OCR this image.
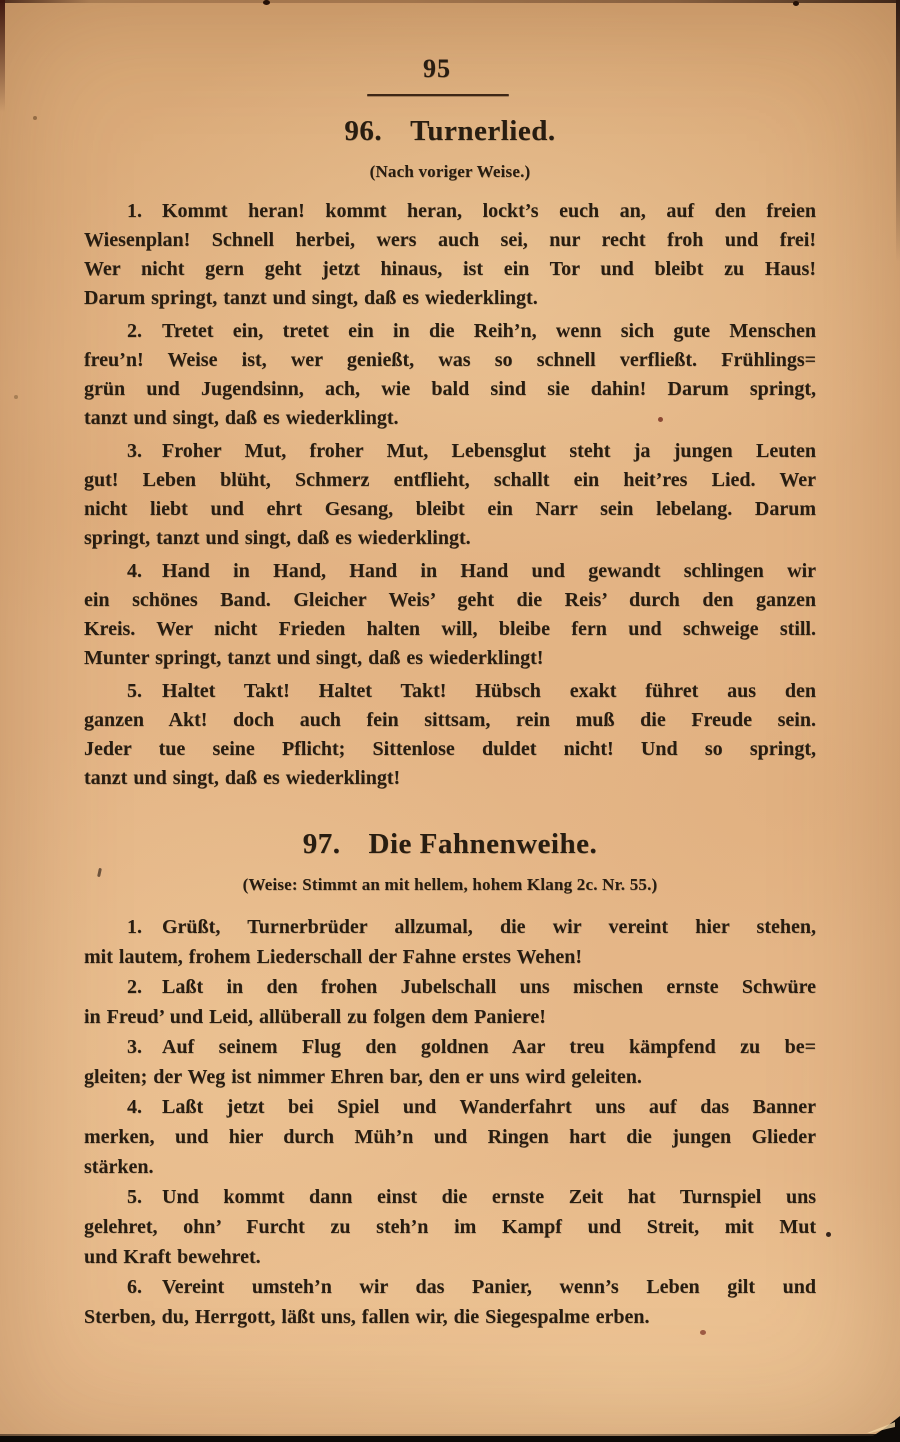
95
96. Turnerlied.
(Nach voriger Weise.)
1. Kommt heran! kommt heran, lockt’s euch an, auf den freien
Wiesenplan! Schnell herbei, wers auch sei, nur recht froh und frei!
Wer nicht gern geht jetzt hinaus, ist ein Tor und bleibt zu Haus!
Darum springt, tanzt und singt, daß es wiederklingt.
2. Tretet ein, tretet ein in die Reih’n, wenn sich gute Menschen
freu’n! Weise ist, wer genießt, was so schnell verfließt. Frühlings=
grün und Jugendsinn, ach, wie bald sind sie dahin! Darum springt,
tanzt und singt, daß es wiederklingt.
3. Froher Mut, froher Mut, Lebensglut steht ja jungen Leuten
gut! Leben blüht, Schmerz entflieht, schallt ein heit’res Lied. Wer
nicht liebt und ehrt Gesang, bleibt ein Narr sein lebelang. Darum
springt, tanzt und singt, daß es wiederklingt.
4. Hand in Hand, Hand in Hand und gewandt schlingen wir
ein schönes Band. Gleicher Weis’ geht die Reis’ durch den ganzen
Kreis. Wer nicht Frieden halten will, bleibe fern und schweige still.
Munter springt, tanzt und singt, daß es wiederklingt!
5. Haltet Takt! Haltet Takt! Hübsch exakt führet aus den
ganzen Akt! doch auch fein sittsam, rein muß die Freude sein.
Jeder tue seine Pflicht; Sittenlose duldet nicht! Und so springt,
tanzt und singt, daß es wiederklingt!
97. Die Fahnenweihe.
(Weise: Stimmt an mit hellem, hohem Klang 2c. Nr. 55.)
1. Grüßt, Turnerbrüder allzumal, die wir vereint hier stehen,
mit lautem, frohem Liederschall der Fahne erstes Wehen!
2. Laßt in den frohen Jubelschall uns mischen ernste Schwüre
in Freud’ und Leid, allüberall zu folgen dem Paniere!
3. Auf seinem Flug den goldnen Aar treu kämpfend zu be=
gleiten; der Weg ist nimmer Ehren bar, den er uns wird geleiten.
4. Laßt jetzt bei Spiel und Wanderfahrt uns auf das Banner
merken, und hier durch Müh’n und Ringen hart die jungen Glieder
stärken.
5. Und kommt dann einst die ernste Zeit hat Turnspiel uns
gelehret, ohn’ Furcht zu steh’n im Kampf und Streit, mit Mut
und Kraft bewehret.
6. Vereint umsteh’n wir das Panier, wenn’s Leben gilt und
Sterben, du, Herrgott, läßt uns, fallen wir, die Siegespalme erben.
